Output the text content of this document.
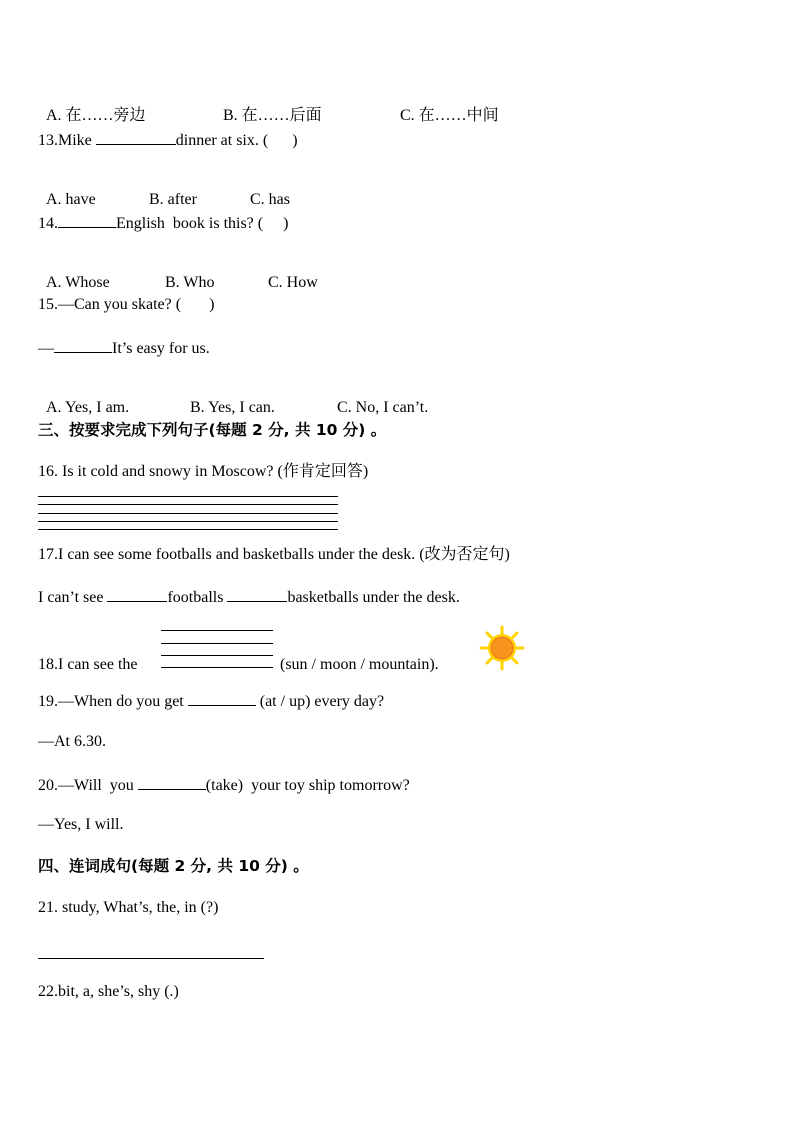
A. 在……旁边	B. 在……后面	C. 在……中间

13.Mike	dinner at six. (      )

A. have	B. after	C. has

14.	English  book is this? (     )

A. Whose	B. Who	C. How

15.—Can you skate? (       )
—	It’s easy for us.

A. Yes, I am.	B. Yes, I can.	C. No, I can’t.

三、按要求完成下列句子(每题 2 分, 共 10 分) 。
16. Is it cold and snowy in Moscow? (作肯定回答)
17.I can see some footballs and basketballs under the desk. (改为否定句)
I can’t see	footballs	basketballs under the desk.
18.I can see the	(sun / moon / mountain).
19.—When do you get	(at / up) every day?
—At 6.30.
20.—Will  you	(take)  your toy ship tomorrow?
—Yes, I will.
四、连词成句(每题 2 分, 共 10 分) 。
21. study, What’s, the, in (?)
22.bit, a, she’s, shy (.)
